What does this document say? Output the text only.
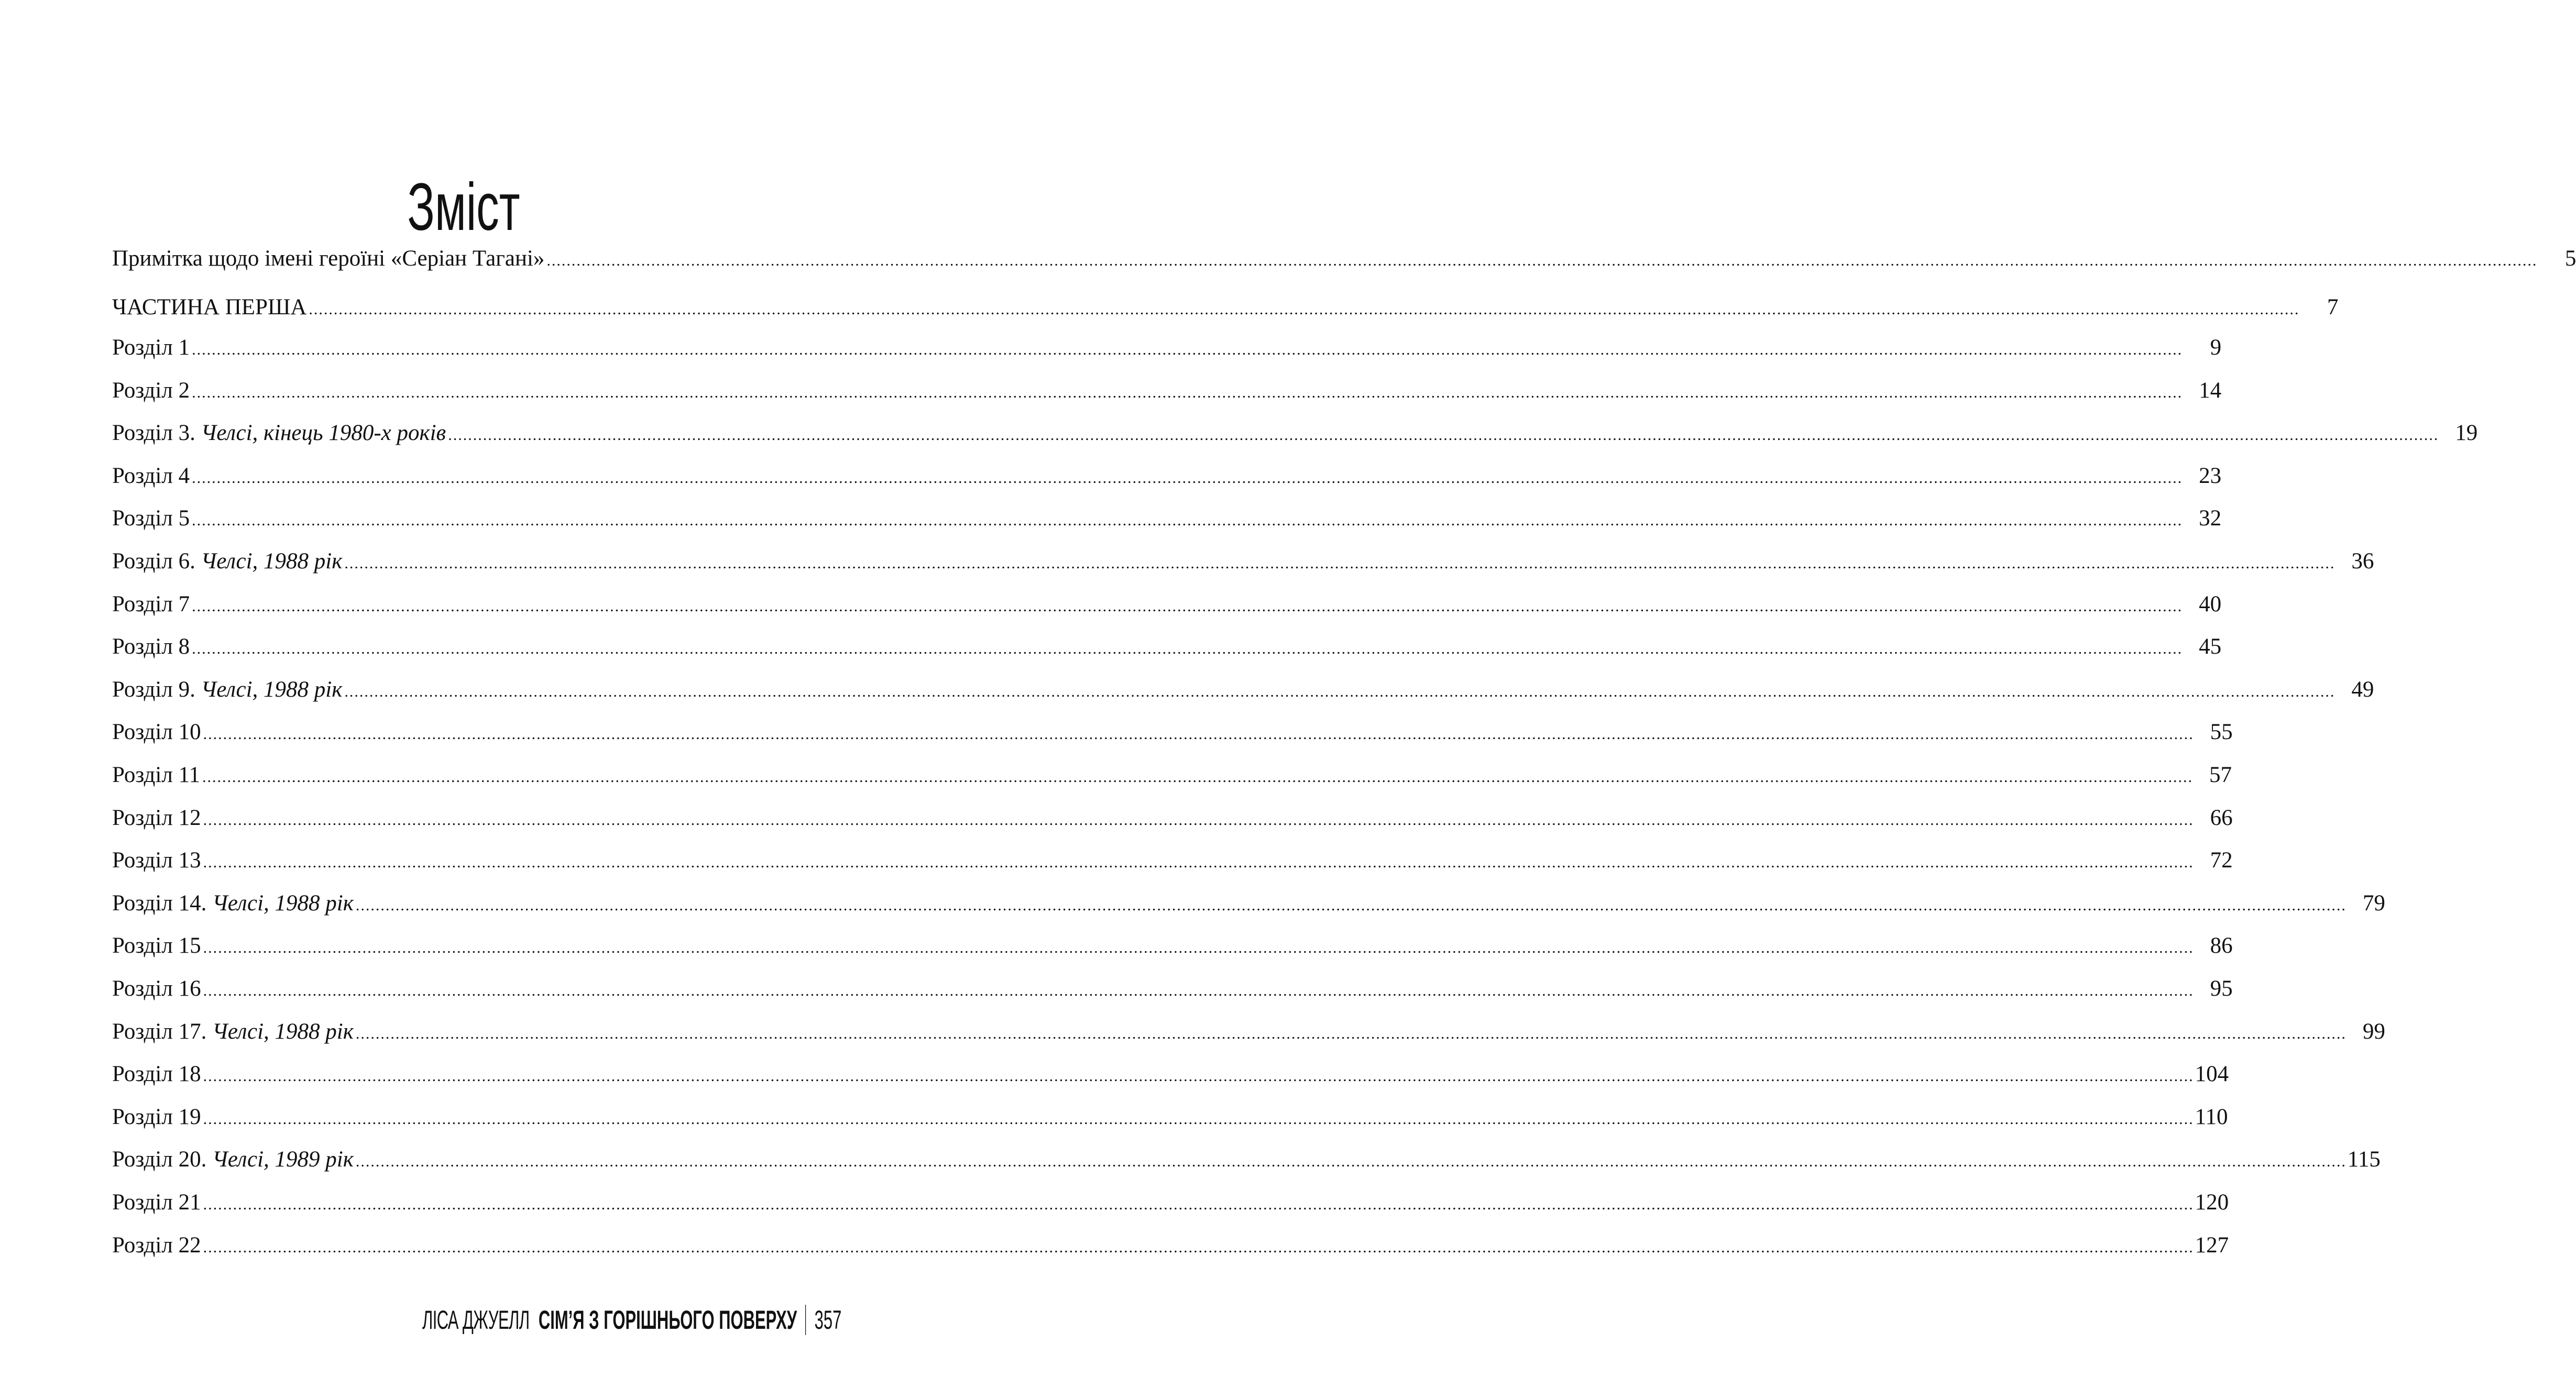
Зміст
Примітка щодо імені героїні «Серіан Тагані» ................................................................................................................................................................................................................................................................................................................................................................................................................	5
ЧАСТИНА ПЕРША ................................................................................................................................................................................................................................................................................................................................................................................................................	7
Розділ 1 ................................................................................................................................................................................................................................................................................................................................................................................................................	9
Розділ 2 ................................................................................................................................................................................................................................................................................................................................................................................................................ 14
Розділ 3. Челсі, кінець 1980-х років ................................................................................................................................................................................................................................................................................................................................................................................................................ 19
Розділ 4 ................................................................................................................................................................................................................................................................................................................................................................................................................ 23
Розділ 5 ................................................................................................................................................................................................................................................................................................................................................................................................................ 32
Розділ 6. Челсі, 1988 рік ................................................................................................................................................................................................................................................................................................................................................................................................................ 36
Розділ 7 ................................................................................................................................................................................................................................................................................................................................................................................................................ 40
Розділ 8 ................................................................................................................................................................................................................................................................................................................................................................................................................ 45
Розділ 9. Челсі, 1988 рік ................................................................................................................................................................................................................................................................................................................................................................................................................ 49
Розділ 10 ................................................................................................................................................................................................................................................................................................................................................................................................................ 55
Розділ 11 ................................................................................................................................................................................................................................................................................................................................................................................................................ 57
Розділ 12 ................................................................................................................................................................................................................................................................................................................................................................................................................ 66
Розділ 13 ................................................................................................................................................................................................................................................................................................................................................................................................................ 72
Розділ 14. Челсі, 1988 рік ................................................................................................................................................................................................................................................................................................................................................................................................................ 79
Розділ 15 ................................................................................................................................................................................................................................................................................................................................................................................................................ 86
Розділ 16 ................................................................................................................................................................................................................................................................................................................................................................................................................ 95
Розділ 17. Челсі, 1988 рік ................................................................................................................................................................................................................................................................................................................................................................................................................ 99
Розділ 18 ................................................................................................................................................................................................................................................................................................................................................................................................................ 104
Розділ 19 ................................................................................................................................................................................................................................................................................................................................................................................................................ 110
Розділ 20. Челсі, 1989 рік ................................................................................................................................................................................................................................................................................................................................................................................................................ 115
Розділ 21 ................................................................................................................................................................................................................................................................................................................................................................................................................ 120
Розділ 22 ................................................................................................................................................................................................................................................................................................................................................................................................................ 127
ЛІСА ДЖУЕЛЛ СІМ’Я З ГОРІШНЬОГО ПОВЕРХУ 357
